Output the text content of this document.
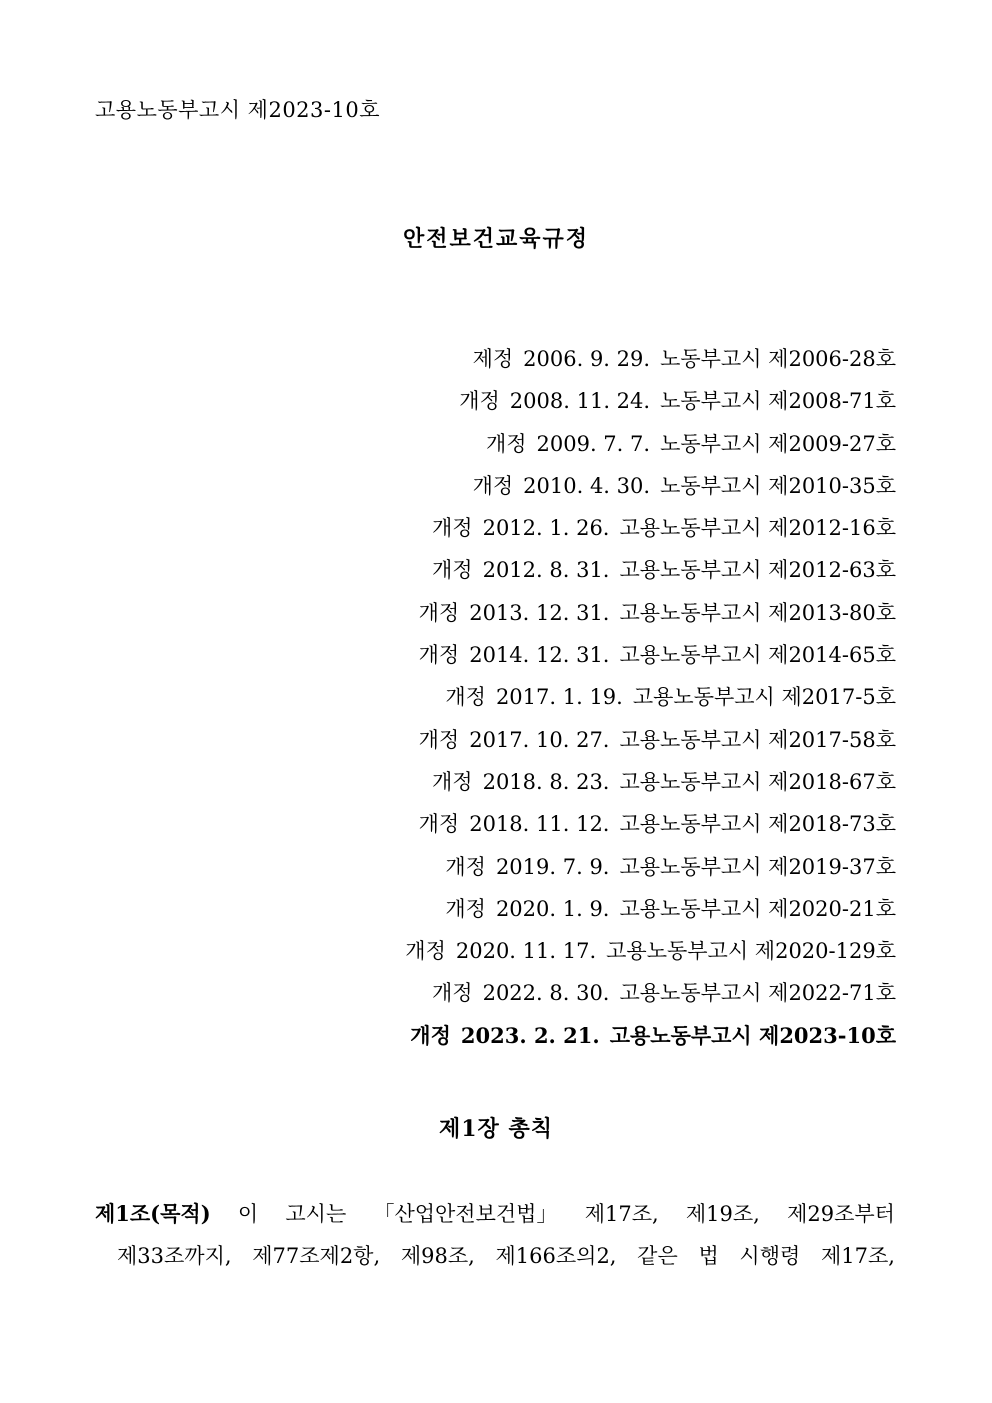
고용노동부고시 제2023-10호
안전보건교육규정
제정 2006. 9. 29. 노동부고시 제2006-28호
개정 2008. 11. 24. 노동부고시 제2008-71호
개정 2009. 7. 7. 노동부고시 제2009-27호
개정 2010. 4. 30. 노동부고시 제2010-35호
개정 2012. 1. 26. 고용노동부고시 제2012-16호
개정 2012. 8. 31. 고용노동부고시 제2012-63호
개정 2013. 12. 31. 고용노동부고시 제2013-80호
개정 2014. 12. 31. 고용노동부고시 제2014-65호
개정 2017. 1. 19. 고용노동부고시 제2017-5호
개정 2017. 10. 27. 고용노동부고시 제2017-58호
개정 2018. 8. 23. 고용노동부고시 제2018-67호
개정 2018. 11. 12. 고용노동부고시 제2018-73호
개정 2019. 7. 9. 고용노동부고시 제2019-37호
개정 2020. 1. 9. 고용노동부고시 제2020-21호
개정 2020. 11. 17. 고용노동부고시 제2020-129호
개정 2022. 8. 30. 고용노동부고시 제2022-71호
개정 2023. 2. 21. 고용노동부고시 제2023-10호
제1장 총칙
제1조(목적) 이 고시는 「산업안전보건법」 제17조, 제19조, 제29조부터
제33조까지, 제77조제2항, 제98조, 제166조의2, 같은 법 시행령 제17조,
